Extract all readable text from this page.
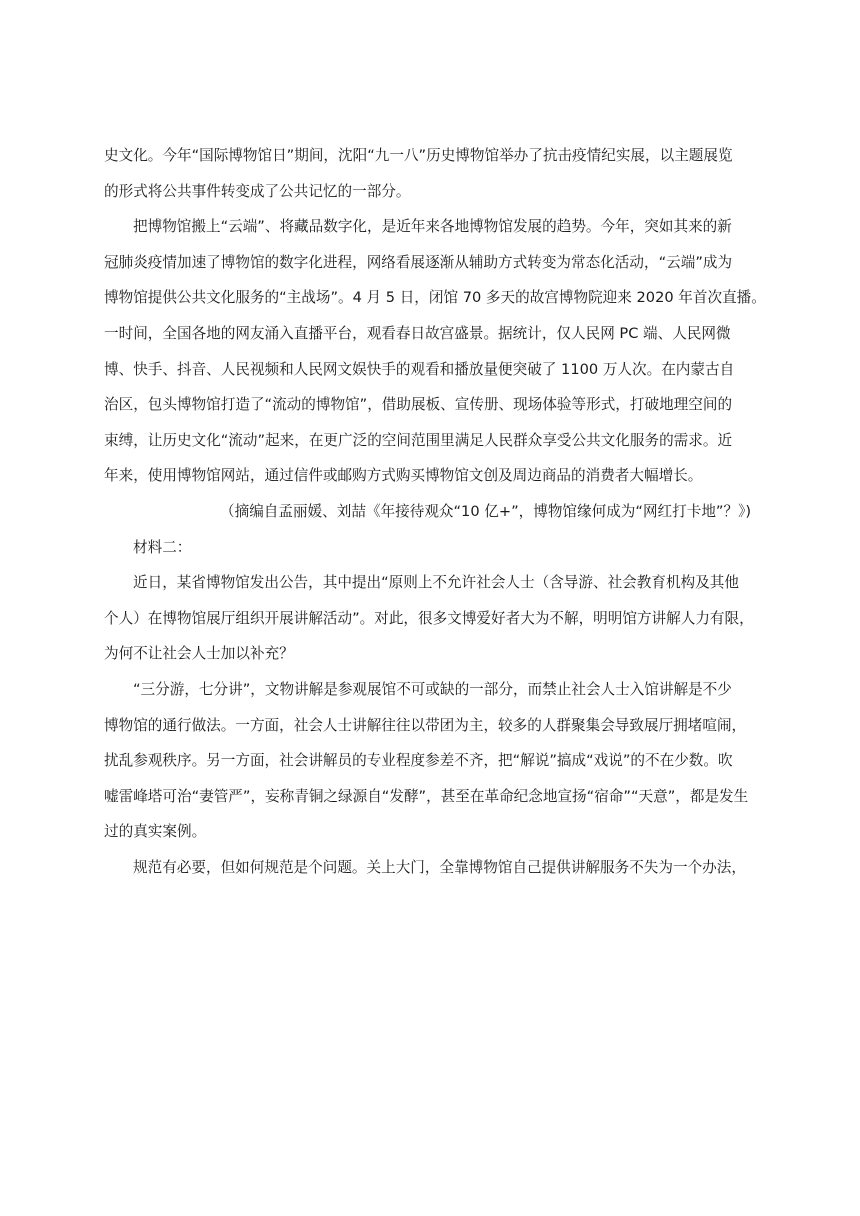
史文化。今年“国际博物馆日”期间，沈阳“九一八”历史博物馆举办了抗击疫情纪实展，以主题展览
的形式将公共事件转变成了公共记忆的一部分。
把博物馆搬上“云端”、将藏品数字化，是近年来各地博物馆发展的趋势。今年，突如其来的新
冠肺炎疫情加速了博物馆的数字化进程，网络看展逐渐从辅助方式转变为常态化活动，“云端”成为
博物馆提供公共文化服务的“主战场”。4 月 5 日，闭馆 70 多天的故宫博物院迎来 2020 年首次直播。
一时间，全国各地的网友涌入直播平台，观看春日故宫盛景。据统计，仅人民网 PC 端、人民网微
博、快手、抖音、人民视频和人民网文娱快手的观看和播放量便突破了 1100 万人次。在内蒙古自
治区，包头博物馆打造了“流动的博物馆”，借助展板、宣传册、现场体验等形式，打破地理空间的
束缚，让历史文化“流动”起来，在更广泛的空间范围里满足人民群众享受公共文化服务的需求。近
年来，使用博物馆网站，通过信件或邮购方式购买博物馆文创及周边商品的消费者大幅增长。
（摘编自孟丽媛、刘喆《年接待观众“10 亿+”，博物馆缘何成为“网红打卡地”？》)
材料二：
近日，某省博物馆发出公告，其中提出“原则上不允许社会人士（含导游、社会教育机构及其他
个人）在博物馆展厅组织开展讲解活动”。对此，很多文博爱好者大为不解，明明馆方讲解人力有限，
为何不让社会人士加以补充？
“三分游，七分讲”，文物讲解是参观展馆不可或缺的一部分，而禁止社会人士入馆讲解是不少
博物馆的通行做法。一方面，社会人士讲解往往以带团为主，较多的人群聚集会导致展厅拥堵喧闹，
扰乱参观秩序。另一方面，社会讲解员的专业程度参差不齐，把“解说”搞成“戏说”的不在少数。吹
嘘雷峰塔可治“妻管严”，妄称青铜之绿源自“发酵”，甚至在革命纪念地宣扬“宿命”“天意”，都是发生
过的真实案例。
规范有必要，但如何规范是个问题。关上大门，全靠博物馆自己提供讲解服务不失为一个办法，
